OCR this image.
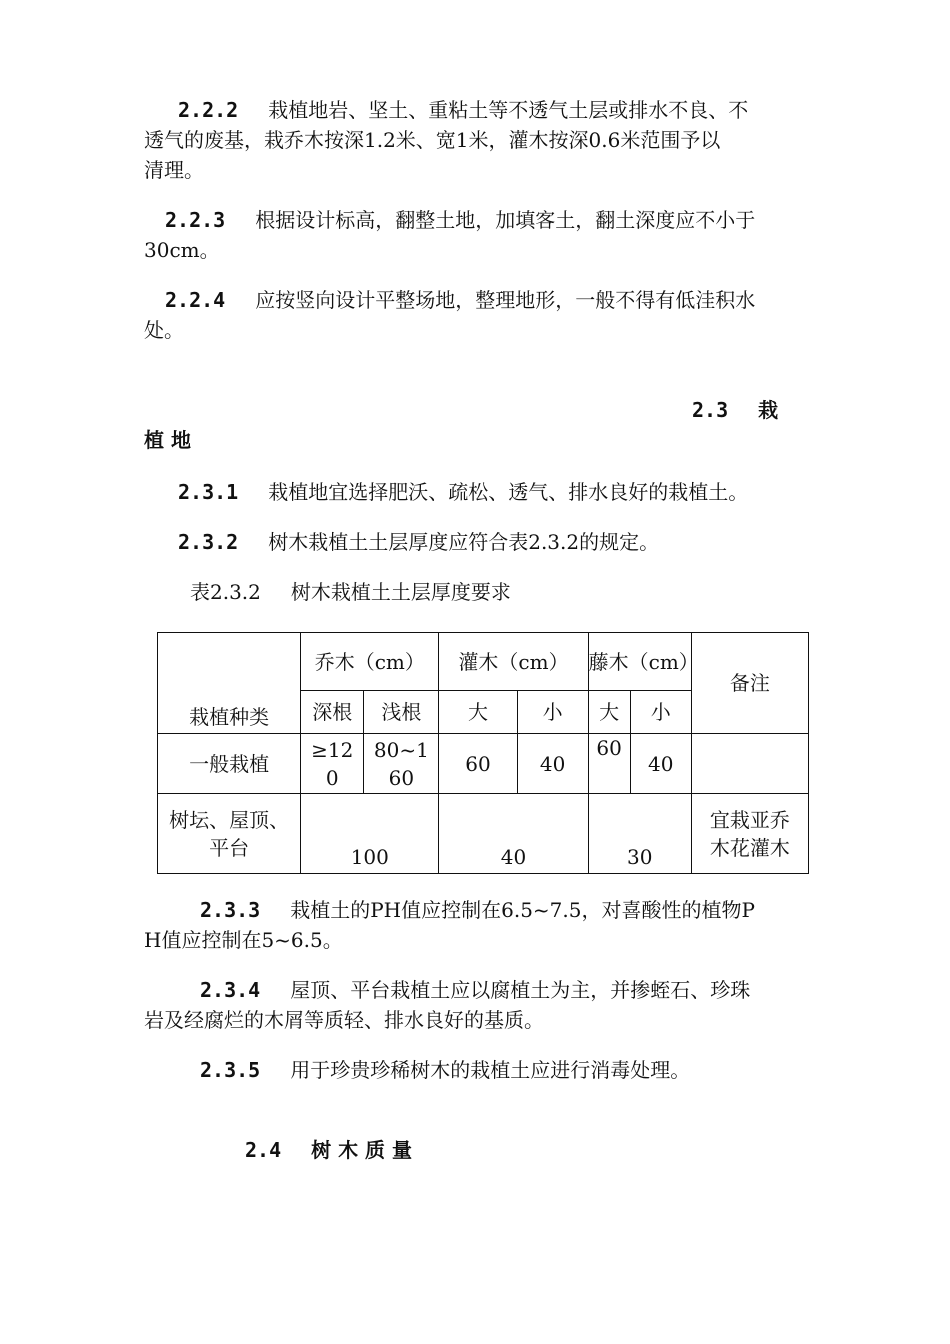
2.2.2 栽植地岩、坚土、重粘土等不透气土层或排水不良、不
透气的废基，栽乔木按深1.2米、宽1米，灌木按深0.6米范围予以
清理。
2.2.3 根据设计标高，翻整土地，加填客土，翻土深度应不小于
30cm。
2.2.4 应按竖向设计平整场地，整理地形，一般不得有低洼积水
处。
2.3 栽
植 地
2.3.1 栽植地宜选择肥沃、疏松、透气、排水良好的栽植土。
2.3.2 树木栽植土土层厚度应符合表2.3.2的规定。
表2.3.2 树木栽植土土层厚度要求
栽植种类	乔木（cm）		灌木（cm）		藤木（cm）		备注
	深根	浅根	大	小	大	小	
一般栽植	≥120	80~160	60	40	60	40	
树坛、屋顶、平台	100		40		30		宜栽亚乔木花灌木
2.3.3 栽植土的PH值应控制在6.5~7.5，对喜酸性的植物P
H值应控制在5~6.5。
2.3.4 屋顶、平台栽植土应以腐植土为主，并掺蛭石、珍珠
岩及经腐烂的木屑等质轻、排水良好的基质。
2.3.5 用于珍贵珍稀树木的栽植土应进行消毒处理。
2.4 树 木 质 量
